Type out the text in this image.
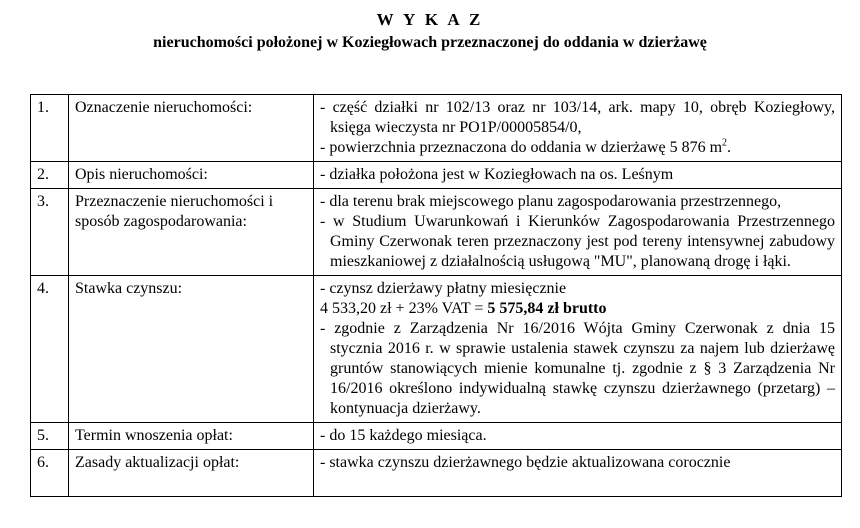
W Y K A Z
nieruchomości położonej w Koziegłowach przeznaczonej do oddania w dzierżawę
1.	Oznaczenie nieruchomości:	- część działki nr 102/13 oraz nr 103/14, ark. mapy 10, obręb Koziegłowy, księga wieczysta nr PO1P/00005854/0,
- powierzchnia przeznaczona do oddania w dzierżawę 5 876 $m^2$.

2.	Opis nieruchomości:	- działka położona jest w Koziegłowach na os. Leśnym

3.	Przeznaczenie nieruchomości i sposób zagospodarowania:	- dla terenu brak miejscowego planu zagospodarowania przestrzennego,
- w Studium Uwarunkowań i Kierunków Zagospodarowania Przestrzennego Gminy Czerwonak teren przeznaczony jest pod tereny intensywnej zabudowy mieszkaniowej z działalnością usługową "MU", planowaną drogę i łąki.

4.	Stawka czynszu:	- czynsz dzierżawy płatny miesięcznie
4 533,20 zł + 23% VAT = 5 575,84 zł brutto
- zgodnie z Zarządzenia Nr 16/2016 Wójta Gminy Czerwonak z dnia 15 stycznia 2016 r. w sprawie ustalenia stawek czynszu za najem lub dzierżawę gruntów stanowiących mienie komunalne tj. zgodnie z § 3 Zarządzenia Nr 16/2016 określono indywidualną stawkę czynszu dzierżawnego (przetarg) – kontynuacja dzierżawy.

5.	Termin wnoszenia opłat:	- do 15 każdego miesiąca.

6.	Zasady aktualizacji opłat:	- stawka czynszu dzierżawnego będzie aktualizowana corocznie
